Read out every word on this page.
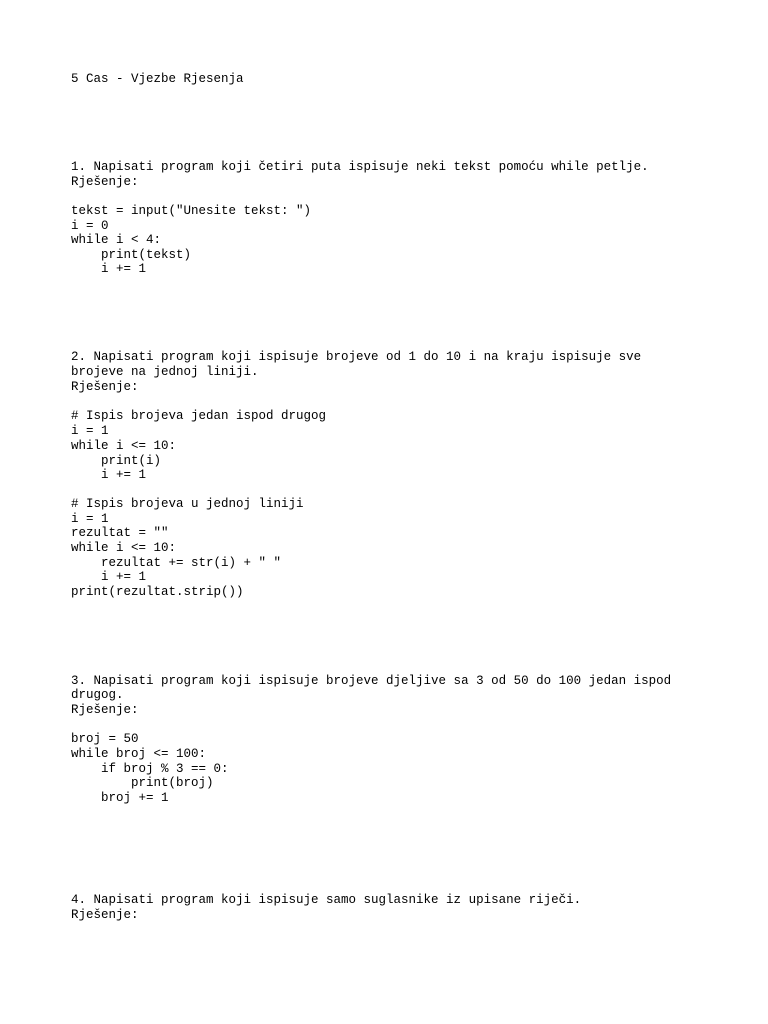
5 Cas - Vjezbe Rjesenja
1. Napisati program koji četiri puta ispisuje neki tekst pomoću while petlje.
Rješenje:
tekst = input("Unesite tekst: ")
i = 0
while i < 4:
print(tekst)
i += 1
2. Napisati program koji ispisuje brojeve od 1 do 10 i na kraju ispisuje sve
brojeve na jednoj liniji.
Rješenje:
# Ispis brojeva jedan ispod drugog
i = 1
while i <= 10:
print(i)
i += 1
# Ispis brojeva u jednoj liniji
i = 1
rezultat = ""
while i <= 10:
rezultat += str(i) + " "
i += 1
print(rezultat.strip())
3. Napisati program koji ispisuje brojeve djeljive sa 3 od 50 do 100 jedan ispod
drugog.
Rješenje:
broj = 50
while broj <= 100:
if broj % 3 == 0:
print(broj)
broj += 1
4. Napisati program koji ispisuje samo suglasnike iz upisane riječi.
Rješenje:
